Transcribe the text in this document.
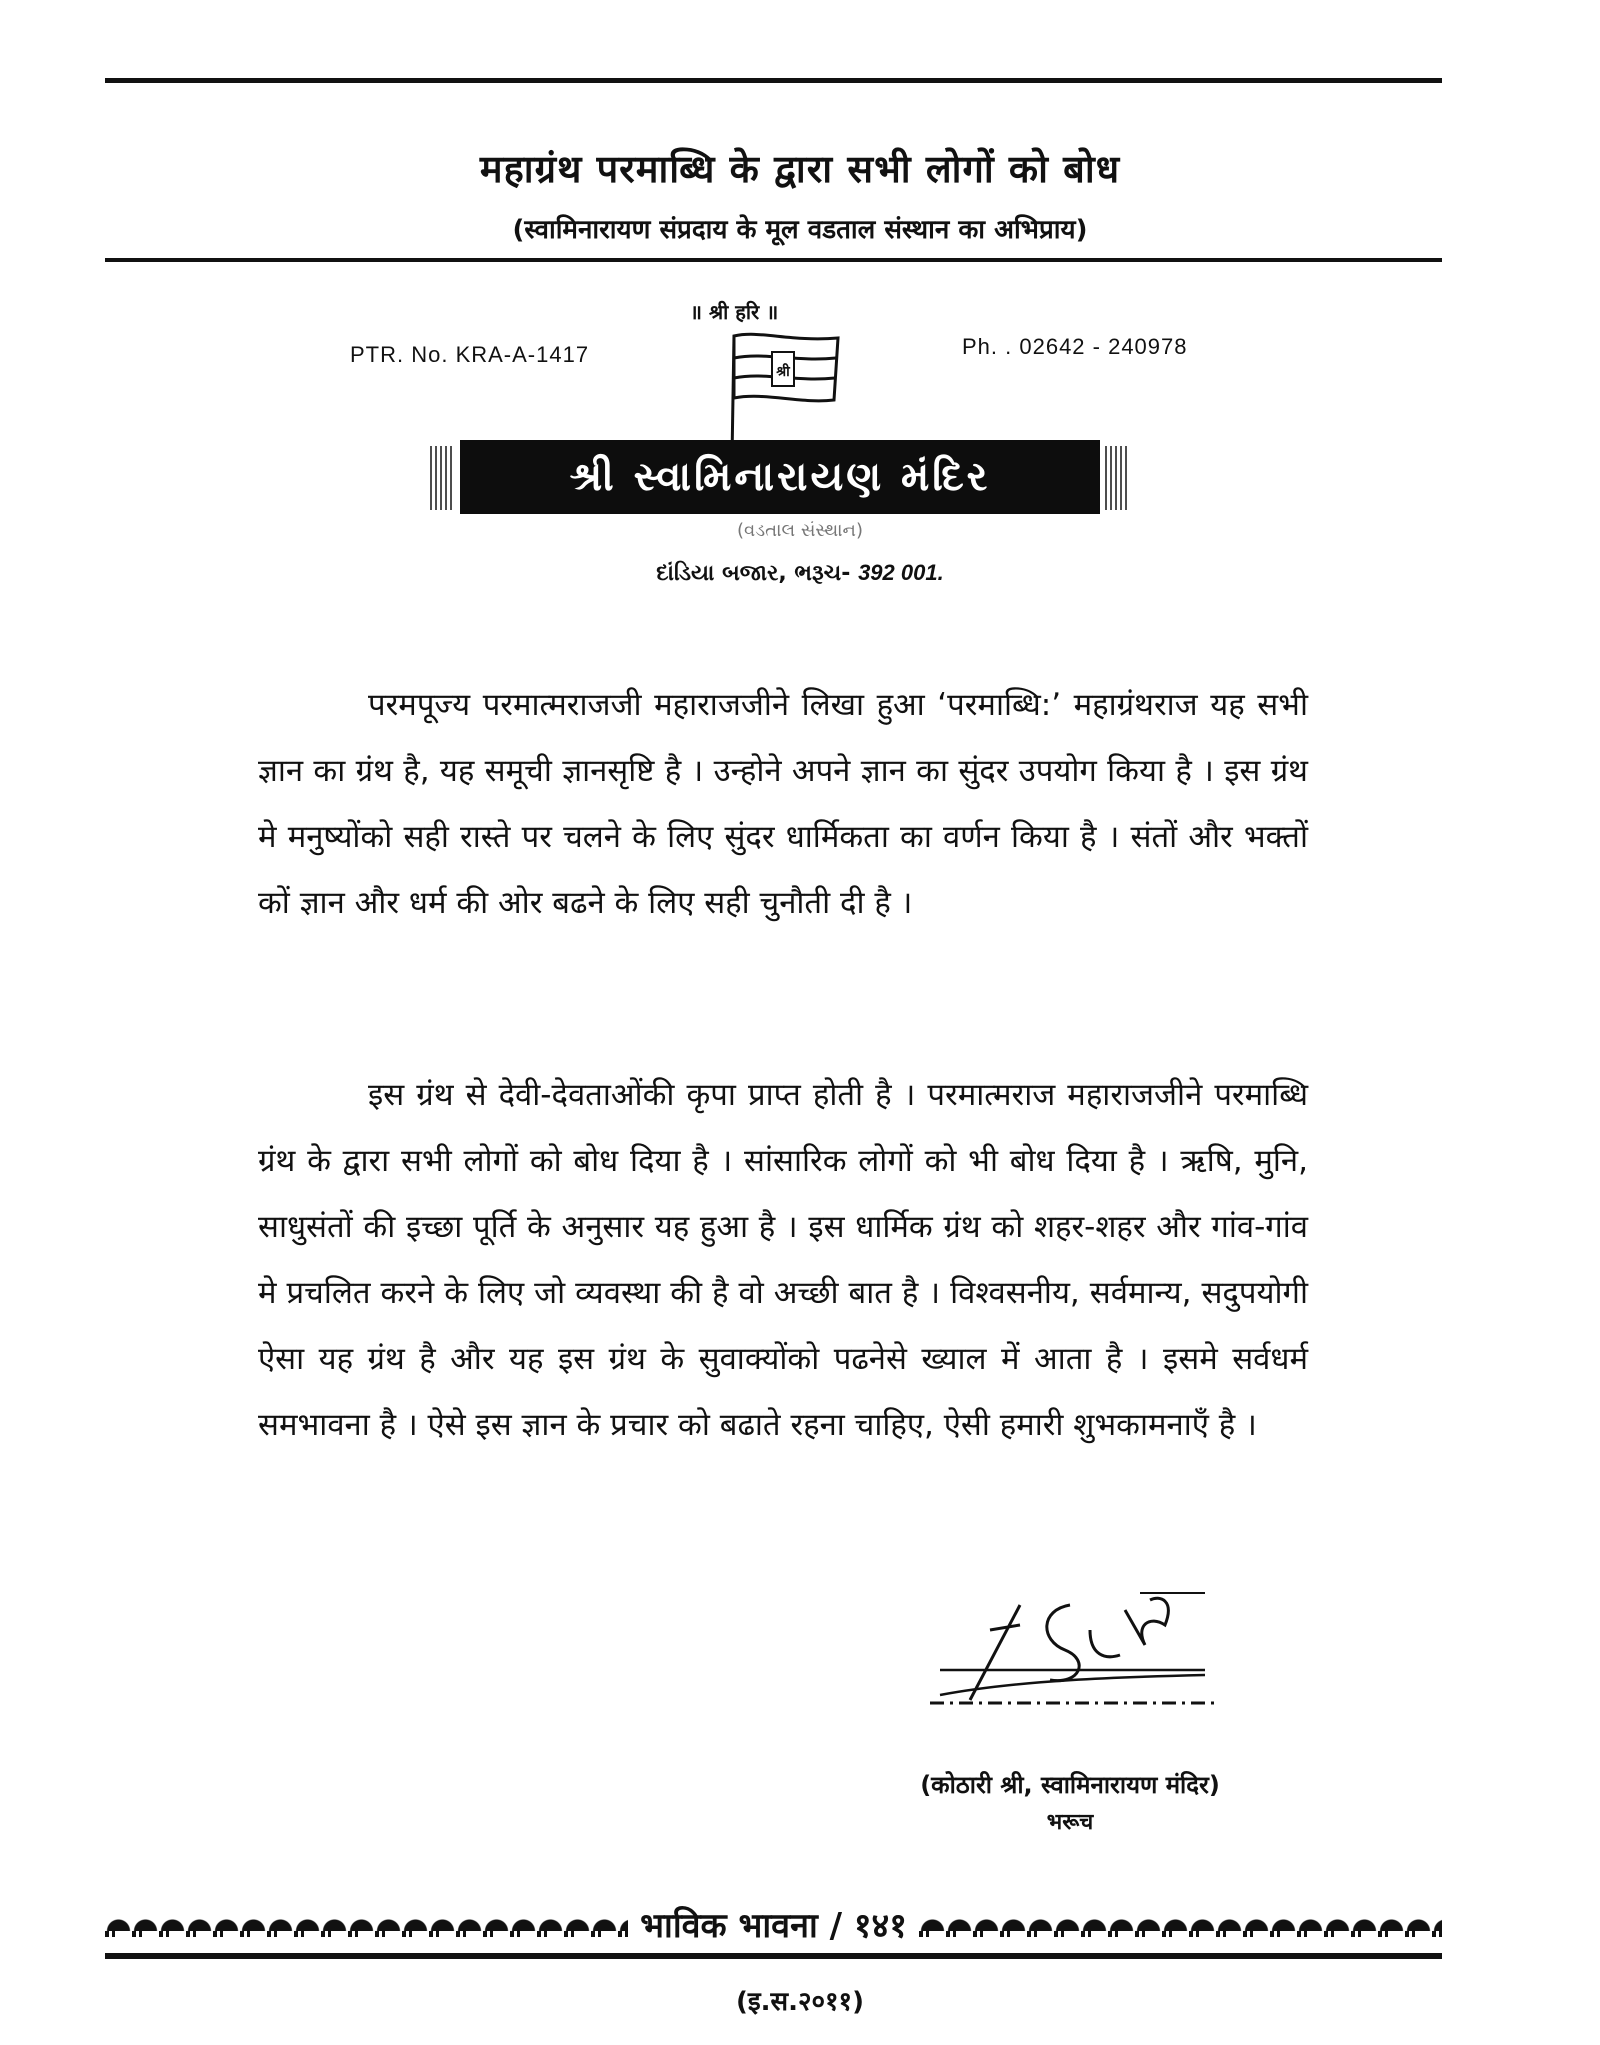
महाग्रंथ परमाब्धि के द्वारा सभी लोगों को बोध
(स्वामिनारायण संप्रदाय के मूल वडताल संस्थान का अभिप्राय)
॥ श्री हरि ॥
PTR. No. KRA-A-1417	Ph. . 02642 - 240978
श्री
શ્રી સ્વામિનારાયણ મંદિર
(વડતાલ સંસ્થાન)
દાંડિયા બજાર, ભરૂચ- 392 001.

परमपूज्य परमात्मराजजी महाराजजीने लिखा हुआ ‘परमाब्धि:’ महाग्रंथराज यह सभी ज्ञान का ग्रंथ है, यह समूची ज्ञानसृष्टि है । उन्होने अपने ज्ञान का सुंदर उपयोग किया है । इस ग्रंथ मे मनुष्योंको सही रास्ते पर चलने के लिए सुंदर धार्मिकता का वर्णन किया है । संतों और भक्तों कों ज्ञान और धर्म की ओर बढने के लिए सही चुनौती दी है ।

इस ग्रंथ से देवी-देवताओंकी कृपा प्राप्त होती है । परमात्मराज महाराजजीने परमाब्धि ग्रंथ के द्वारा सभी लोगों को बोध दिया है । सांसारिक लोगों को भी बोध दिया है । ऋषि, मुनि, साधुसंतों की इच्छा पूर्ति के अनुसार यह हुआ है । इस धार्मिक ग्रंथ को शहर-शहर और गांव-गांव मे प्रचलित करने के लिए जो व्यवस्था की है वो अच्छी बात है । विश्वसनीय, सर्वमान्य, सदुपयोगी ऐसा यह ग्रंथ है और यह इस ग्रंथ के सुवाक्योंको पढनेसे ख्याल में आता है । इसमे सर्वधर्म समभावना है । ऐसे इस ज्ञान के प्रचार को बढाते रहना चाहिए, ऐसी हमारी शुभकामनाएँ है ।

(कोठारी श्री, स्वामिनारायण मंदिर)
भरूच
भाविक भावना / १४१
(इ.स.२०११)
